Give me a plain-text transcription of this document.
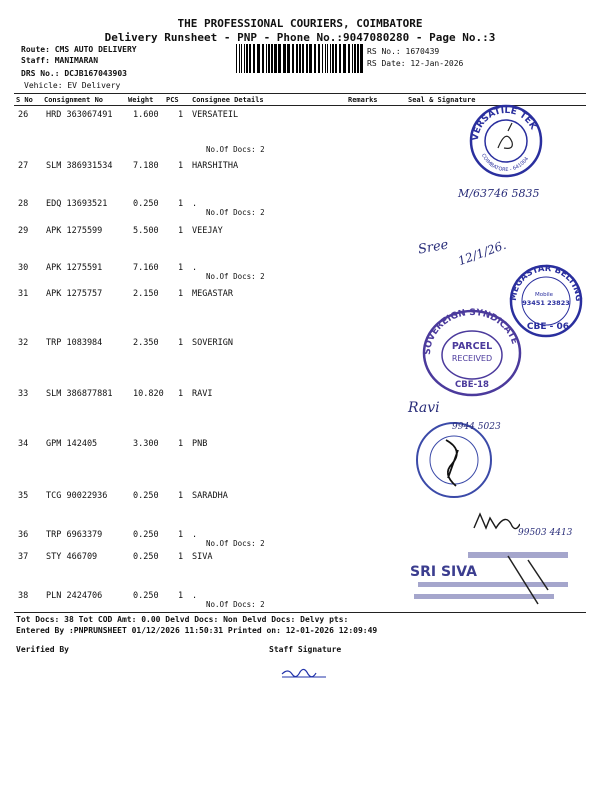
THE PROFESSIONAL COURIERS, COIMBATORE
Delivery Runsheet - PNP - Phone No.:9047080280 - Page No.:3
Route: CMS AUTO DELIVERY
Staff: MANIMARAN
DRS No.: DCJB167043903
Vehicle: EV Delivery
RS No.: 1670439
RS Date: 12-Jan-2026
S No Consignment No	Weight PCS Consignee Details	Remarks	Seal & Signature
26 HRD 363067491 1.600 1 VERSATEIL
No.Of Docs: 2
27 SLM 386931534 7.180 1 HARSHITHA
28 EDQ 13693521	0.250 1 .
No.Of Docs: 2
29 APK 1275599	5.500 1 VEEJAY
30 APK 1275591	7.160 1 .
No.Of Docs: 2
31 APK 1275757	2.150 1 MEGASTAR
32 TRP 1083984	2.350 1 SOVERIGN
33 SLM 386877881 10.820 1 RAVI
34 GPM 142405	3.300 1 PNB
35 TCG 90022936	0.250 1 SARADHA
36 TRP 6963379	0.250 1 .
No.Of Docs: 2
37 STY 466709	0.250 1 SIVA
38 PLN 2424706	0.250 1 .
No.Of Docs: 2
Tot Docs: 38 Tot COD Amt: 0.00 Delvd Docs: Non Delvd Docs: Delvy pts:
Entered By :PNPRUNSHEET 01/12/2026 11:50:31 Printed on: 12-01-2026 12:09:49
Verified By	Staff Signature
VERSATILE TEK
COIMBATORE - 641004
MEGASTAR BELTING
Mobile
93451 23823
CBE - 06
SOVEREIGN SYNDICATE
PARCEL
RECEIVED
CBE-18
SRI SIVA
M/63746 5835
Sree 12/1/26.
Ravi
9944 5023
99503 4413
